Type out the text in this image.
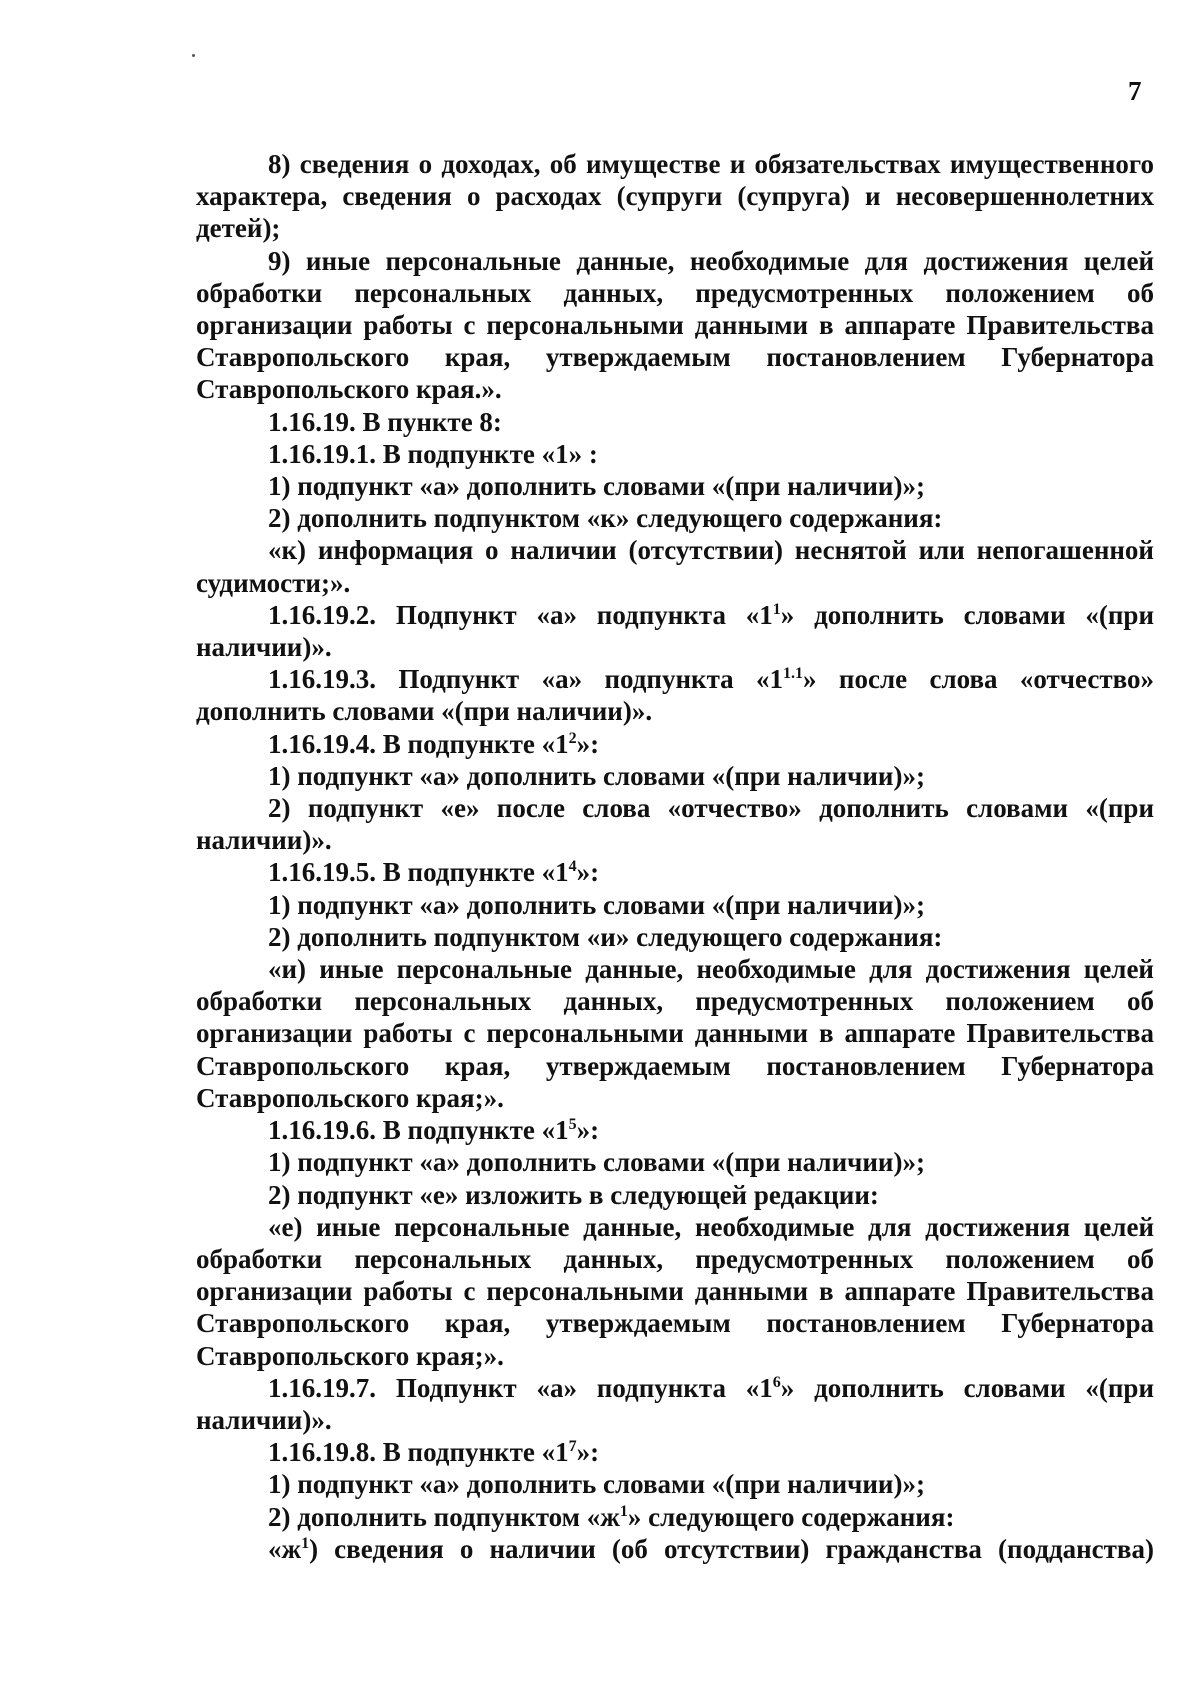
7

8) сведения о доходах, об имуществе и обязательствах имущественного характера, сведения о расходах (супруги (супруга) и несовершеннолетних детей);

9) иные персональные данные, необходимые для достижения целей обработки персональных данных, предусмотренных положением об организации работы с персональными данными в аппарате Правительства Ставропольского края, утверждаемым постановлением Губернатора Ставропольского края.».

1.16.19. В пункте 8:

1.16.19.1. В подпункте «1» :

1) подпункт «а» дополнить словами «(при наличии)»;

2) дополнить подпунктом «к» следующего содержания:

«к) информация о наличии (отсутствии) неснятой или непогашенной судимости;».

1.16.19.2. Подпункт «а» подпункта «$1^1$» дополнить словами «(при наличии)».

1.16.19.3. Подпункт «а» подпункта «$1^{1.1}$» после слова «отчество» дополнить словами «(при наличии)».

1.16.19.4. В подпункте «$1^2$»:

1) подпункт «а» дополнить словами «(при наличии)»;

2) подпункт «е» после слова «отчество» дополнить словами «(при наличии)».

1.16.19.5. В подпункте «$1^4$»:

1) подпункт «а» дополнить словами «(при наличии)»;

2) дополнить подпунктом «и» следующего содержания:

«и) иные персональные данные, необходимые для достижения целей обработки персональных данных, предусмотренных положением об организации работы с персональными данными в аппарате Правительства Ставропольского края, утверждаемым постановлением Губернатора Ставропольского края;».

1.16.19.6. В подпункте «$1^5$»:

1) подпункт «а» дополнить словами «(при наличии)»;

2) подпункт «е» изложить в следующей редакции:

«е) иные персональные данные, необходимые для достижения целей обработки персональных данных, предусмотренных положением об организации работы с персональными данными в аппарате Правительства Ставропольского края, утверждаемым постановлением Губернатора Ставропольского края;».

1.16.19.7. Подпункт «а» подпункта «$1^6$» дополнить словами «(при наличии)».

1.16.19.8. В подпункте «$1^7$»:

1) подпункт «а» дополнить словами «(при наличии)»;

2) дополнить подпунктом «$ж^1$» следующего содержания:

«$ж^1$) сведения о наличии (об отсутствии) гражданства (подданства)
